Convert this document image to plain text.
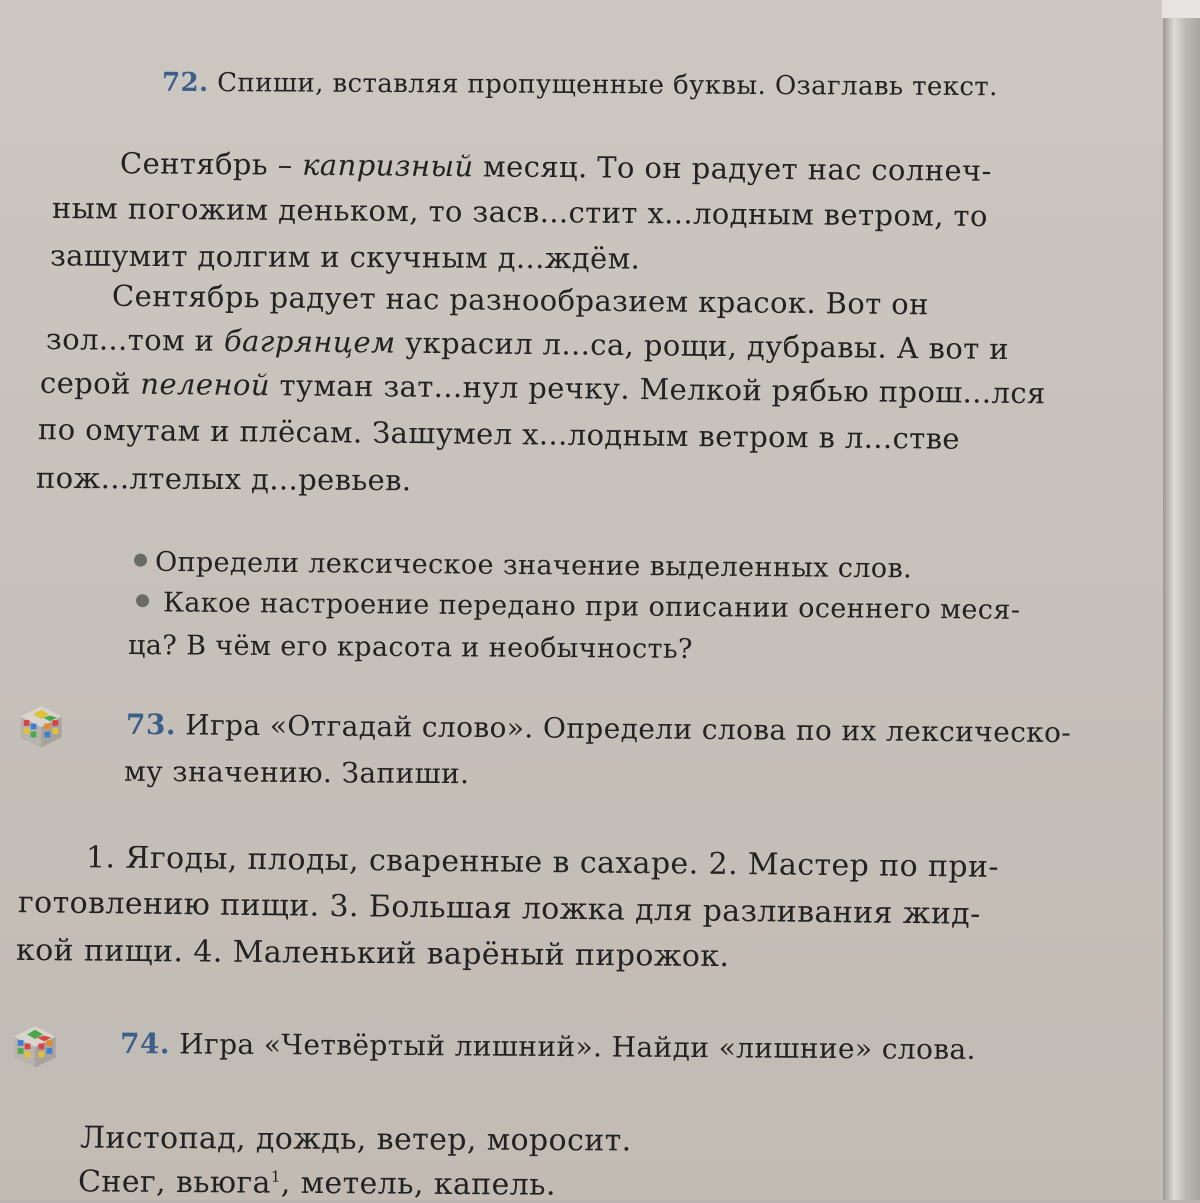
72. Спиши, вставляя пропущенные буквы. Озаглавь текст.
Сентябрь – капризный месяц. То он радует нас солнеч-
ным погожим деньком, то засв...стит х...лодным ветром, то
зашумит долгим и скучным д...ждём.
Сентябрь радует нас разнообразием красок. Вот он
зол...том и багрянцем украсил л...са, рощи, дубравы. А вот и
серой пеленой туман зат...нул речку. Мелкой рябью прош...лся
по омутам и плёсам. Зашумел х...лодным ветром в л...стве
пож...лтелых д...ревьев.
Определи лексическое значение выделенных слов.
Какое настроение передано при описании осеннего меся-
ца? В чём его красота и необычность?
73. Игра «Отгадай слово». Определи слова по их лексическо-
му значению. Запиши.
1. Ягоды, плоды, сваренные в сахаре. 2. Мастер по при-
готовлению пищи. 3. Большая ложка для разливания жид-
кой пищи. 4. Маленький варёный пирожок.
74. Игра «Четвёртый лишний». Найди «лишние» слова.
Листопад, дождь, ветер, моросит.
Снег, вьюга$^1$, метель, капель.
